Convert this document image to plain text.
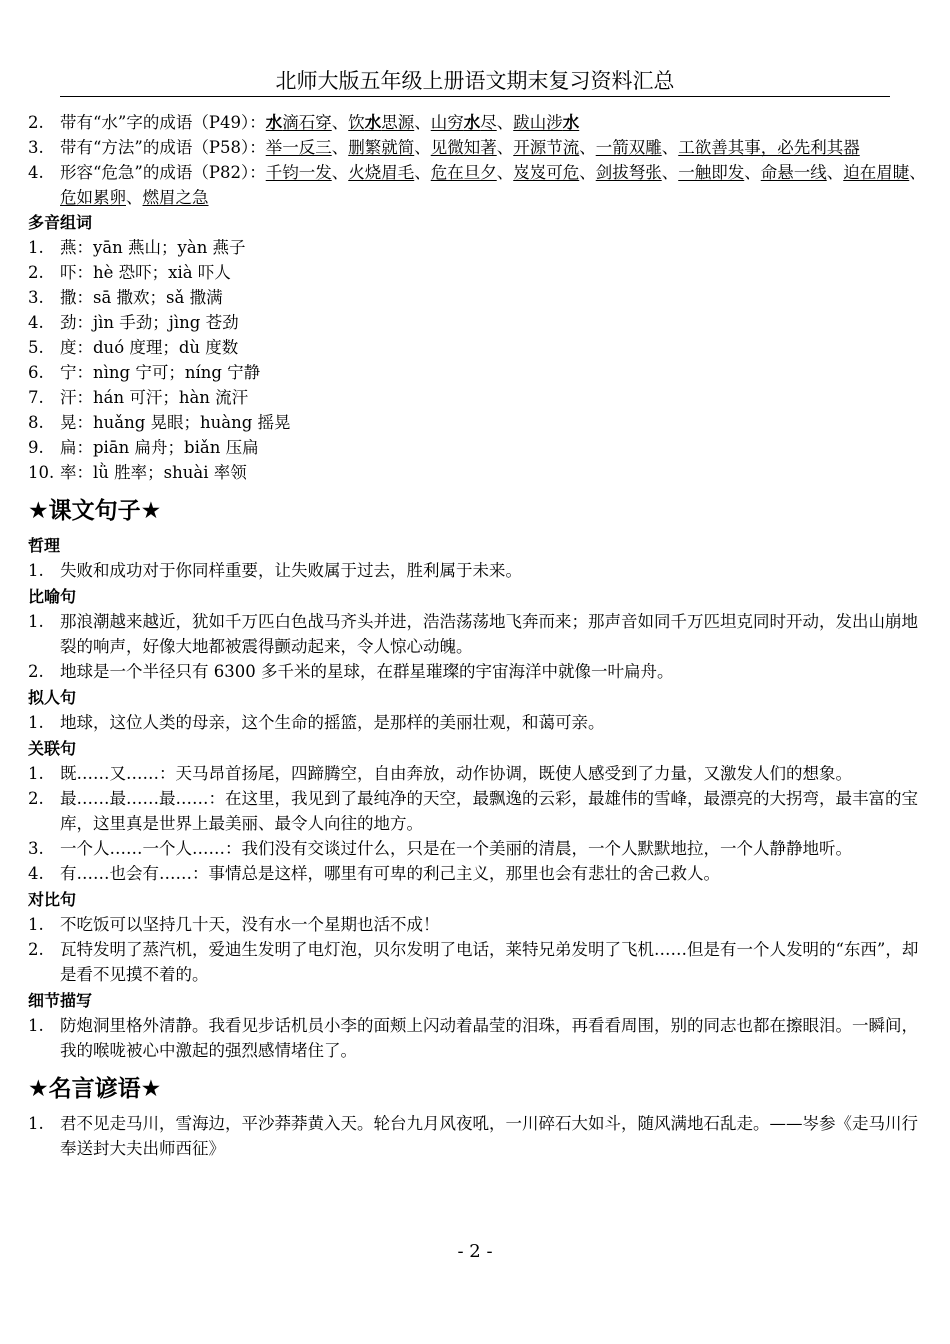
北师大版五年级上册语文期末复习资料汇总
2. 带有“水”字的成语（P49）：水滴石穿、饮水思源、山穷水尽、跋山涉水
3. 带有“方法”的成语（P58）：举一反三、删繁就简、见微知著、开源节流、一箭双雕、工欲善其事，必先利其器
4. 形容“危急”的成语（P82）：千钧一发、火烧眉毛、危在旦夕、岌岌可危、剑拔弩张、一触即发、命悬一线、迫在眉睫、危如累卵、燃眉之急
多音组词
1. 燕：yān 燕山；yàn 燕子
2. 吓：hè 恐吓；xià 吓人
3. 撒：sā 撒欢；sǎ 撒满
4. 劲：jìn 手劲；jìng 苍劲
5. 度：duó 度理；dù 度数
6. 宁：nìng 宁可；níng 宁静
7. 汗：hán 可汗；hàn 流汗
8. 晃：huǎng 晃眼；huàng 摇晃
9. 扁：piān 扁舟；biǎn 压扁
10. 率：lǜ 胜率；shuài 率领
★课文句子★
哲理
1. 失败和成功对于你同样重要，让失败属于过去，胜利属于未来。
比喻句
1. 那浪潮越来越近，犹如千万匹白色战马齐头并进，浩浩荡荡地飞奔而来；那声音如同千万匹坦克同时开动，发出山崩地裂的响声，好像大地都被震得颤动起来，令人惊心动魄。
2. 地球是一个半径只有 6300 多千米的星球，在群星璀璨的宇宙海洋中就像一叶扁舟。
拟人句
1. 地球，这位人类的母亲，这个生命的摇篮，是那样的美丽壮观，和蔼可亲。
关联句
1. 既……又……：天马昂首扬尾，四蹄腾空，自由奔放，动作协调，既使人感受到了力量，又激发人们的想象。
2. 最……最……最……：在这里，我见到了最纯净的天空，最飘逸的云彩，最雄伟的雪峰，最漂亮的大拐弯，最丰富的宝库，这里真是世界上最美丽、最令人向往的地方。
3. 一个人……一个人……：我们没有交谈过什么，只是在一个美丽的清晨，一个人默默地拉，一个人静静地听。
4. 有……也会有……：事情总是这样，哪里有可卑的利己主义，那里也会有悲壮的舍己救人。
对比句
1. 不吃饭可以坚持几十天，没有水一个星期也活不成！
2. 瓦特发明了蒸汽机，爱迪生发明了电灯泡，贝尔发明了电话，莱特兄弟发明了飞机……但是有一个人发明的“东西”，却是看不见摸不着的。
细节描写
1. 防炮洞里格外清静。我看见步话机员小李的面颊上闪动着晶莹的泪珠，再看看周围，别的同志也都在擦眼泪。一瞬间，我的喉咙被心中激起的强烈感情堵住了。
★名言谚语★
1. 君不见走马川，雪海边，平沙莽莽黄入天。轮台九月风夜吼，一川碎石大如斗，随风满地石乱走。——岑参《走马川行奉送封大夫出师西征》
- 2 -
